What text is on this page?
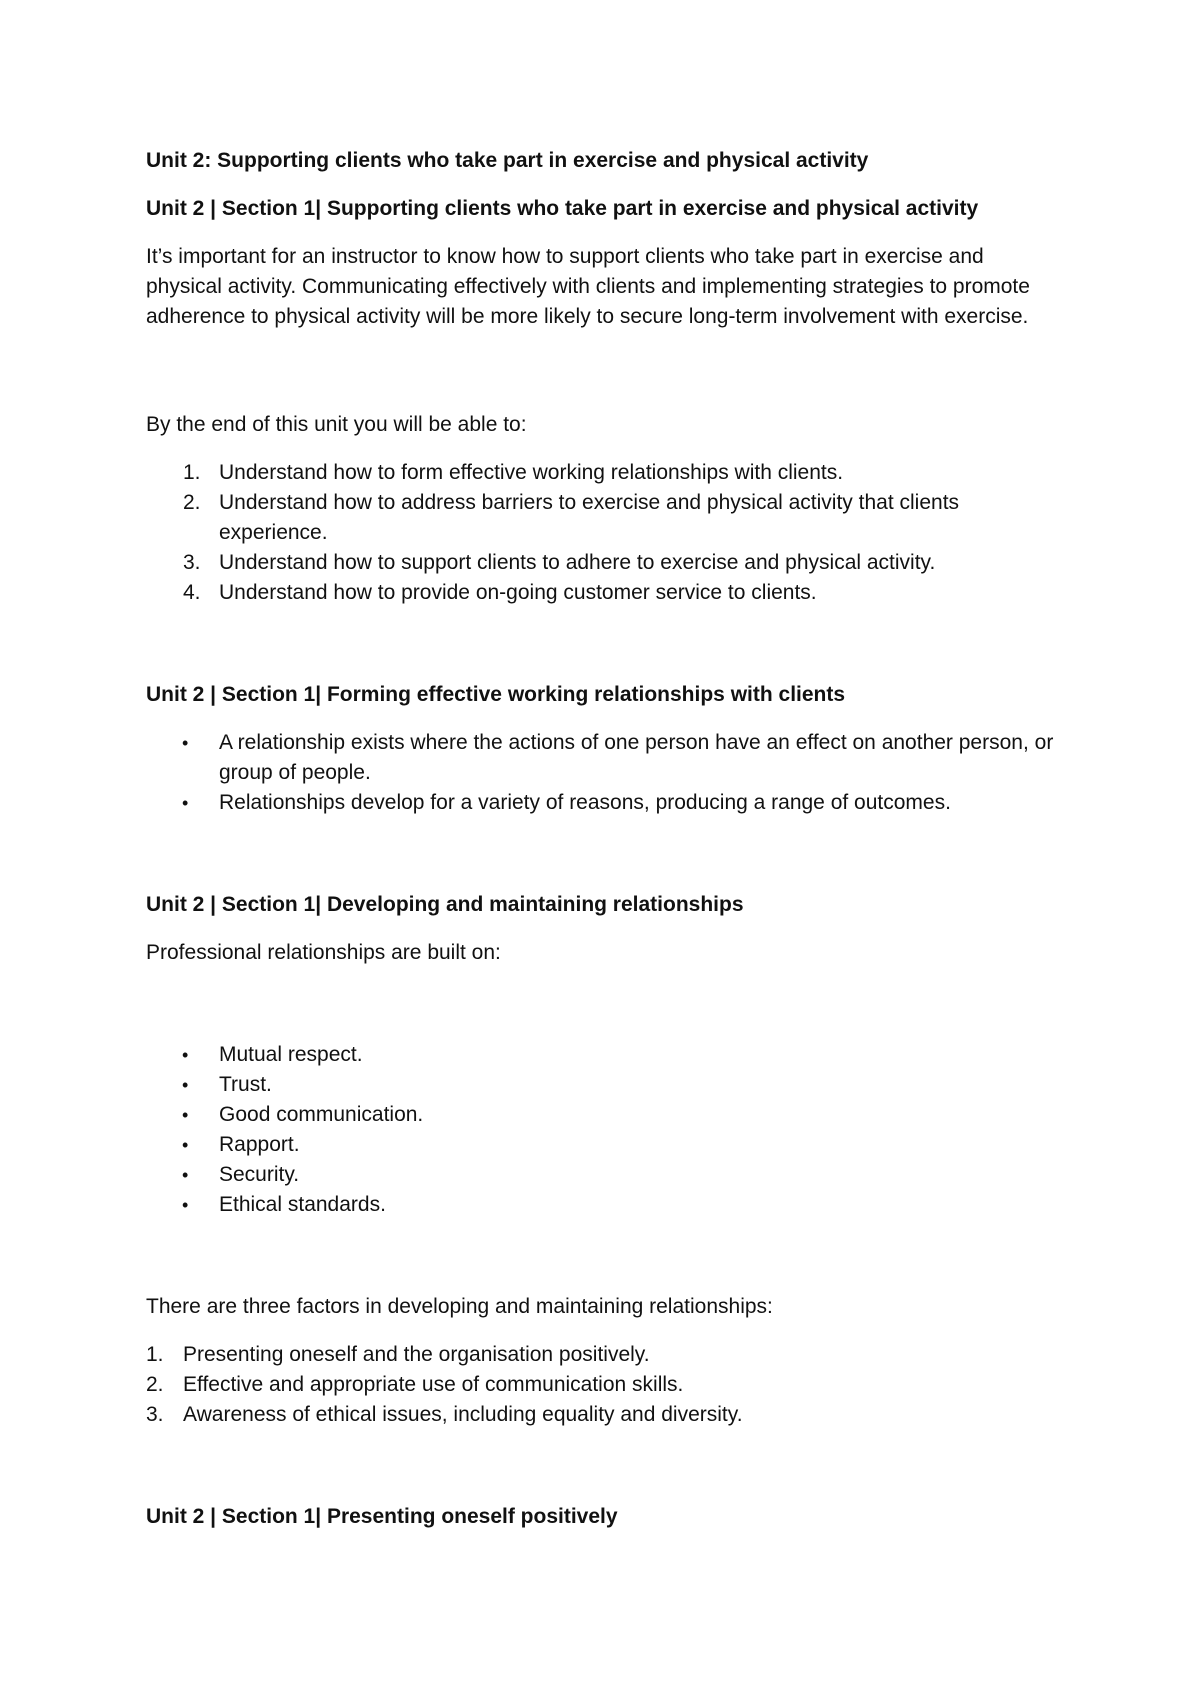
Unit 2: Supporting clients who take part in exercise and physical activity
Unit 2 | Section 1| Supporting clients who take part in exercise and physical activity

It’s important for an instructor to know how to support clients who take part in exercise and physical activity. Communicating effectively with clients and implementing strategies to promote adherence to physical activity will be more likely to secure long-term involvement with exercise.

By the end of this unit you will be able to:

1. Understand how to form effective working relationships with clients.
2. Understand how to address barriers to exercise and physical activity that clients experience.
3. Understand how to support clients to adhere to exercise and physical activity.
4. Understand how to provide on-going customer service to clients.
Unit 2 | Section 1| Forming effective working relationships with clients
• A relationship exists where the actions of one person have an effect on another person, or group of people.
• Relationships develop for a variety of reasons, producing a range of outcomes.
Unit 2 | Section 1| Developing and maintaining relationships

Professional relationships are built on:

• Mutual respect.
• Trust.
• Good communication.
• Rapport.
• Security.
• Ethical standards.

There are three factors in developing and maintaining relationships:

1. Presenting oneself and the organisation positively.
2. Effective and appropriate use of communication skills.
3. Awareness of ethical issues, including equality and diversity.
Unit 2 | Section 1| Presenting oneself positively
